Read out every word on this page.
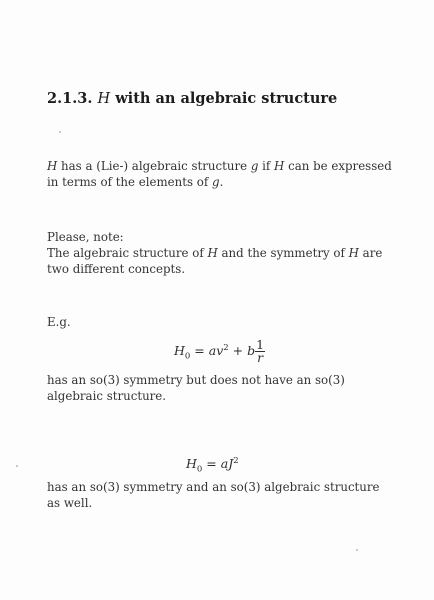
2.1.3. H with an algebraic structure
H has a (Lie-) algebraic structure g if H can be expressed in terms of the elements of g.
Please, note:
The algebraic structure of H and the symmetry of H are two different concepts.
E.g.
$H_0 = av^2 + b \frac{1}{r}$
has an so(3) symmetry but does not have an so(3) algebraic structure.
$H_0 = aJ^2$
has an so(3) symmetry and an so(3) algebraic structure as well.
